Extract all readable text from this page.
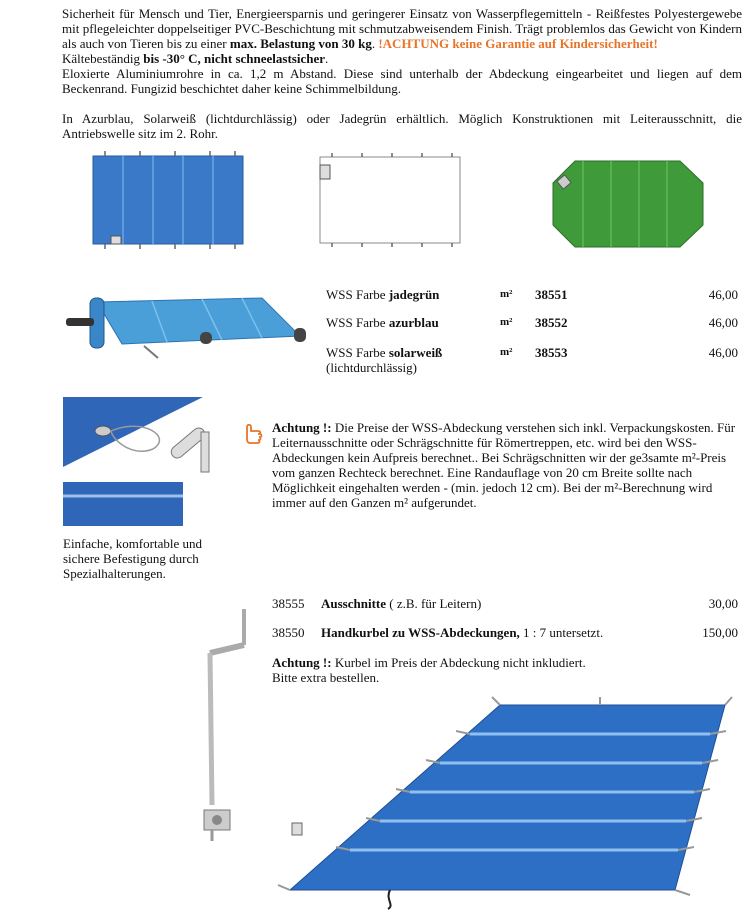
Sicherheit für Mensch und Tier, Energieersparnis und geringerer Einsatz von Wasserpflegemitteln - Reißfestes Polyestergewebe mit pflegeleichter doppelseitiger PVC-Beschichtung mit schmutzabweisendem Finish. Trägt problemlos das Gewicht von Kindern als auch von Tieren bis zu einer max. Belastung von 30 kg. !ACHTUNG keine Garantie auf Kindersicherheit!
Kältebeständig bis -30° C, nicht schneelastsicher.

Eloxierte Aluminiumrohre in ca. 1,2 m Abstand. Diese sind unterhalb der Abdeckung eingearbeitet und liegen auf dem Beckenrand. Fungizid beschichtet daher keine Schimmelbildung.

In Azurblau, Solarweiß (lichtdurchlässig) oder Jadegrün erhältlich. Möglich Konstruktionen mit Leiterausschnitt, die Antriebswelle sitz im 2. Rohr.

WSS Farbe jadegrün	m² 38551	46,00
WSS Farbe azurblau	m² 38552	46,00
WSS Farbe solarweiß
(lichtdurchlässig)
m² 38553	46,00
Einfache, komfortable und sichere Befestigung durch Spezialhalterungen.
Achtung !: Die Preise der WSS-Abdeckung verstehen sich inkl. Verpackungskosten. Für Leiternausschnitte oder Schrägschnitte für Römertreppen, etc. wird bei den WSS-Abdeckungen kein Aufpreis berechnet.. Bei Schrägschnitten wir der ge3samte m²-Preis vom ganzen Rechteck berechnet. Eine Randauflage von 20 cm Breite sollte nach Möglichkeit eingehalten werden - (min. jedoch 12 cm). Bei der m²-Berechnung wird immer auf den Ganzen m² aufgerundet.
38555 Ausschnitte ( z.B. für Leitern)	30,00
38550 Handkurbel zu WSS-Abdeckungen, 1 : 7 untersetzt.	150,00
Achtung !: Kurbel im Preis der Abdeckung nicht inkludiert.
Bitte extra bestellen.
